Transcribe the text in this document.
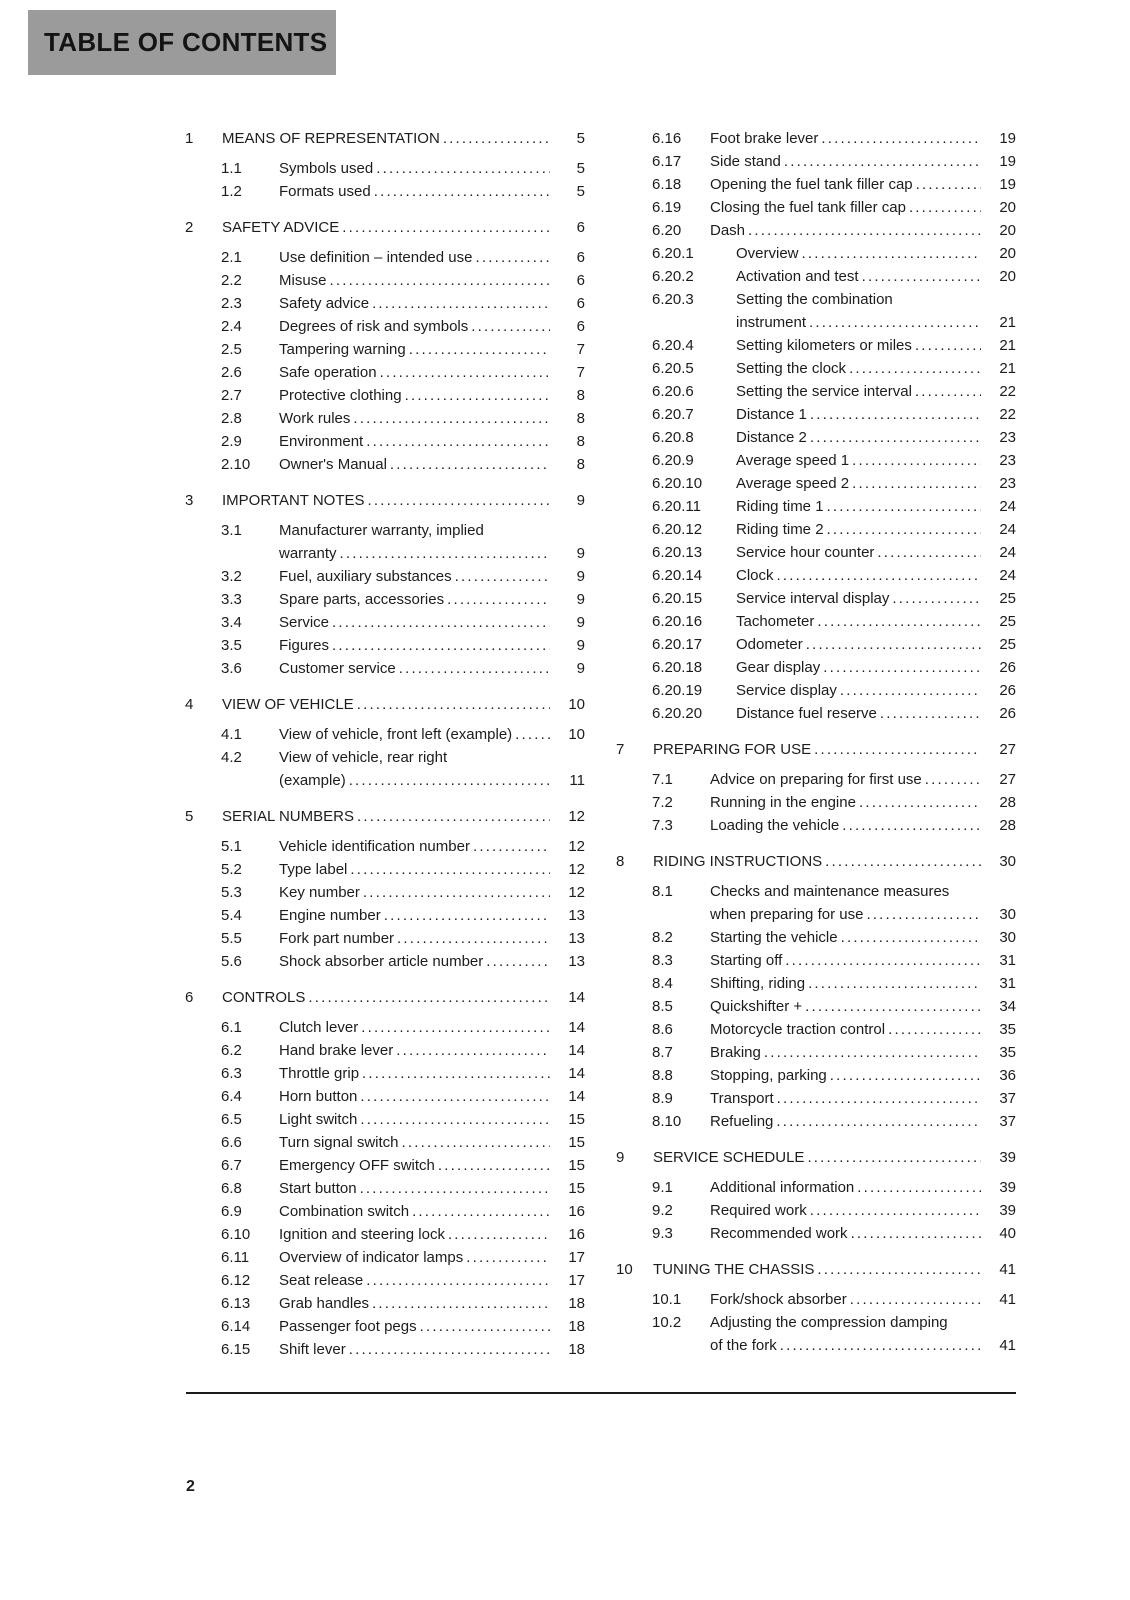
TABLE OF CONTENTS
1	MEANS OF REPRESENTATION .....	5
1.1	Symbols used .....	5
1.2	Formats used .....	5
2	SAFETY ADVICE .....	6
2.1	Use definition – intended use .....	6
2.2	Misuse .....	6
2.3	Safety advice .....	6
2.4	Degrees of risk and symbols .....	6
2.5	Tampering warning .....	7
2.6	Safe operation .....	7
2.7	Protective clothing .....	8
2.8	Work rules .....	8
2.9	Environment .....	8
2.10	Owner's Manual .....	8
3	IMPORTANT NOTES .....	9
3.1	Manufacturer warranty, implied
warranty .....	9
3.2	Fuel, auxiliary substances .....	9
3.3	Spare parts, accessories .....	9
3.4	Service .....	9
3.5	Figures .....	9
3.6	Customer service .....	9
4	VIEW OF VEHICLE .....	10
4.1	View of vehicle, front left (example) .....	10
4.2	View of vehicle, rear right
(example) .....	11
5	SERIAL NUMBERS .....	12
5.1	Vehicle identification number .....	12
5.2	Type label .....	12
5.3	Key number .....	12
5.4	Engine number .....	13
5.5	Fork part number .....	13
5.6	Shock absorber article number .....	13
6	CONTROLS .....	14
6.1	Clutch lever .....	14
6.2	Hand brake lever .....	14
6.3	Throttle grip .....	14
6.4	Horn button .....	14
6.5	Light switch .....	15
6.6	Turn signal switch .....	15
6.7	Emergency OFF switch .....	15
6.8	Start button .....	15
6.9	Combination switch .....	16
6.10	Ignition and steering lock .....	16
6.11	Overview of indicator lamps .....	17
6.12	Seat release .....	17
6.13	Grab handles .....	18
6.14	Passenger foot pegs .....	18
6.15	Shift lever .....	18
6.16	Foot brake lever .....	19
6.17	Side stand .....	19
6.18	Opening the fuel tank filler cap .....	19
6.19	Closing the fuel tank filler cap .....	20
6.20	Dash .....	20
6.20.1	Overview .....	20
6.20.2	Activation and test .....	20
6.20.3	Setting the combination
instrument .....	21
6.20.4	Setting kilometers or miles .....	21
6.20.5	Setting the clock .....	21
6.20.6	Setting the service interval .....	22
6.20.7	Distance 1 .....	22
6.20.8	Distance 2 .....	23
6.20.9	Average speed 1 .....	23
6.20.10	Average speed 2 .....	23
6.20.11	Riding time 1 .....	24
6.20.12	Riding time 2 .....	24
6.20.13	Service hour counter .....	24
6.20.14	Clock .....	24
6.20.15	Service interval display .....	25
6.20.16	Tachometer .....	25
6.20.17	Odometer .....	25
6.20.18	Gear display .....	26
6.20.19	Service display .....	26
6.20.20	Distance fuel reserve .....	26
7	PREPARING FOR USE .....	27
7.1	Advice on preparing for first use .....	27
7.2	Running in the engine .....	28
7.3	Loading the vehicle .....	28
8	RIDING INSTRUCTIONS .....	30
8.1	Checks and maintenance measures
when preparing for use .....	30
8.2	Starting the vehicle .....	30
8.3	Starting off .....	31
8.4	Shifting, riding .....	31
8.5	Quickshifter + .....	34
8.6	Motorcycle traction control .....	35
8.7	Braking .....	35
8.8	Stopping, parking .....	36
8.9	Transport .....	37
8.10	Refueling .....	37
9	SERVICE SCHEDULE .....	39
9.1	Additional information .....	39
9.2	Required work .....	39
9.3	Recommended work .....	40
10	TUNING THE CHASSIS .....	41
10.1	Fork/shock absorber .....	41
10.2	Adjusting the compression damping
of the fork .....	41
2
